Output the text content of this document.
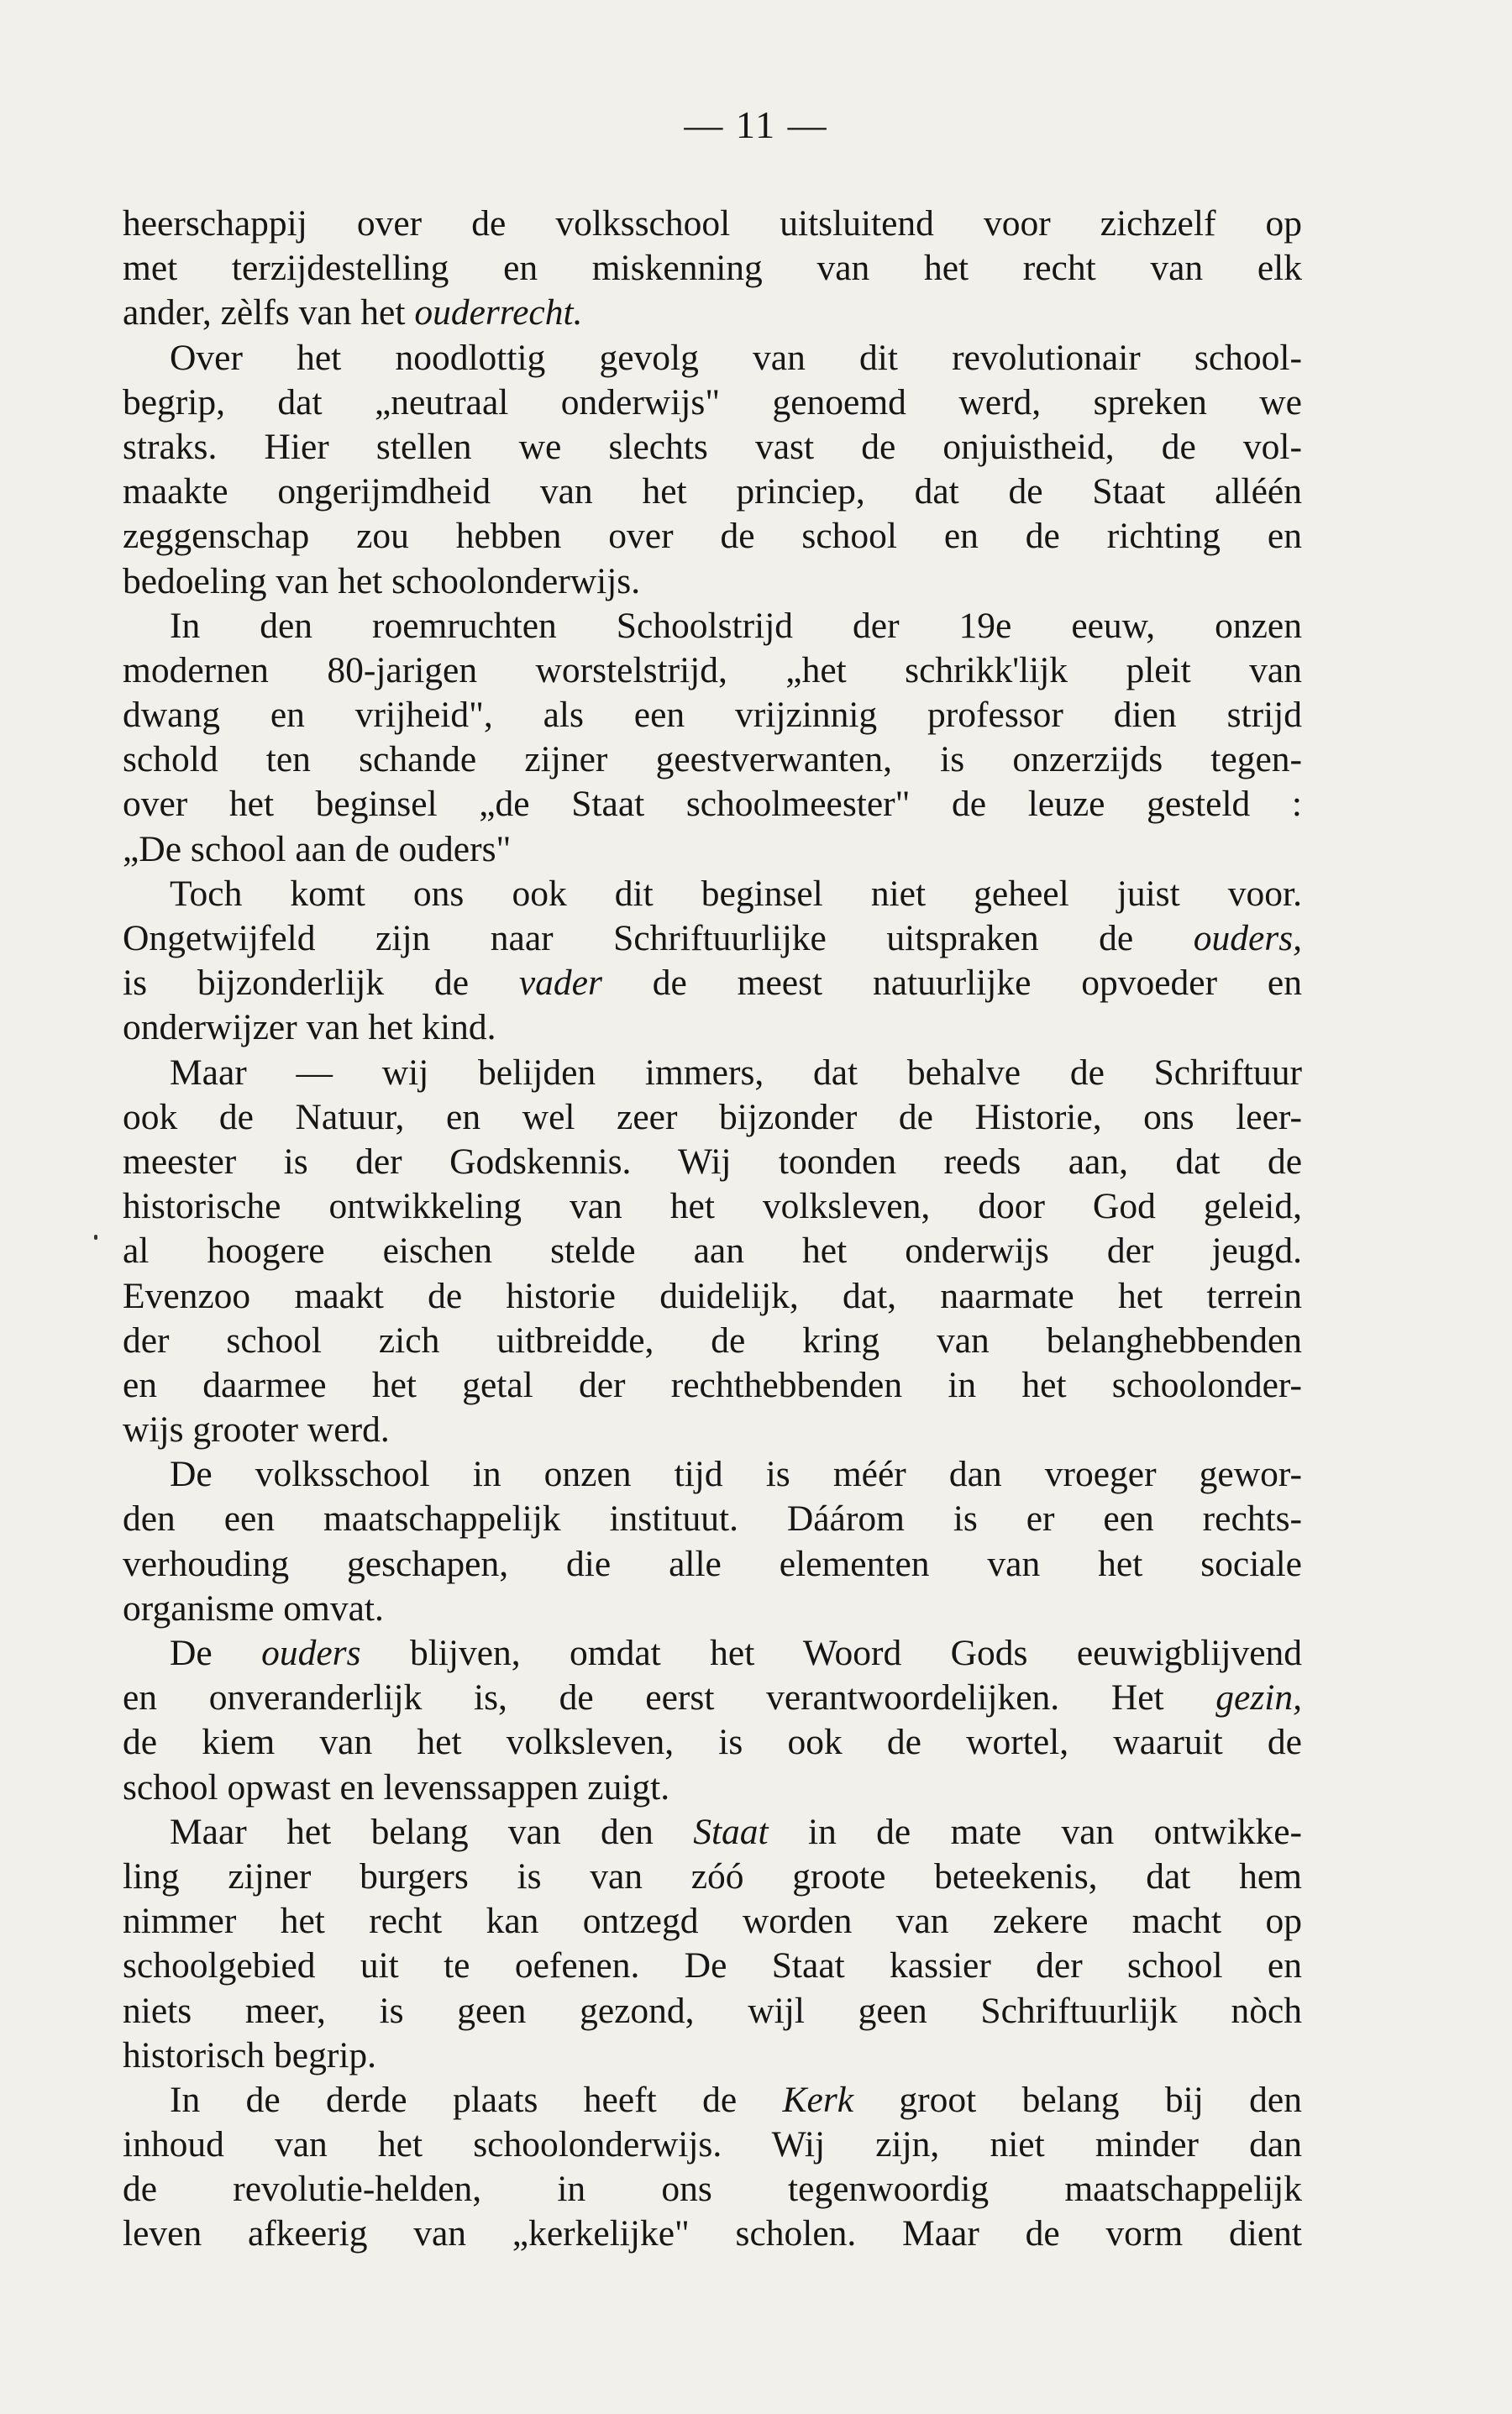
— 11 —
heerschappij over de volksschool uitsluitend voor zichzelf op
met terzijdestelling en miskenning van het recht van elk
ander, zèlfs van het ouderrecht.
Over het noodlottig gevolg van dit revolutionair school-
begrip, dat „neutraal onderwijs" genoemd werd, spreken we
straks. Hier stellen we slechts vast de onjuistheid, de vol-
maakte ongerijmdheid van het princiep, dat de Staat alléén
zeggenschap zou hebben over de school en de richting en
bedoeling van het schoolonderwijs.
In den roemruchten Schoolstrijd der 19e eeuw, onzen
modernen 80-jarigen worstelstrijd, „het schrikk'lijk pleit van
dwang en vrijheid", als een vrijzinnig professor dien strijd
schold ten schande zijner geestverwanten, is onzerzijds tegen-
over het beginsel „de Staat schoolmeester" de leuze gesteld :
„De school aan de ouders"
Toch komt ons ook dit beginsel niet geheel juist voor.
Ongetwijfeld zijn naar Schriftuurlijke uitspraken de ouders,
is bijzonderlijk de vader de meest natuurlijke opvoeder en
onderwijzer van het kind.
Maar — wij belijden immers, dat behalve de Schriftuur
ook de Natuur, en wel zeer bijzonder de Historie, ons leer-
meester is der Godskennis. Wij toonden reeds aan, dat de
historische ontwikkeling van het volksleven, door God geleid,
al hoogere eischen stelde aan het onderwijs der jeugd.
Evenzoo maakt de historie duidelijk, dat, naarmate het terrein
der school zich uitbreidde, de kring van belanghebbenden
en daarmee het getal der rechthebbenden in het schoolonder-
wijs grooter werd.
De volksschool in onzen tijd is méér dan vroeger gewor-
den een maatschappelijk instituut. Dáárom is er een rechts-
verhouding geschapen, die alle elementen van het sociale
organisme omvat.
De ouders blijven, omdat het Woord Gods eeuwigblijvend
en onveranderlijk is, de eerst verantwoordelijken. Het gezin,
de kiem van het volksleven, is ook de wortel, waaruit de
school opwast en levenssappen zuigt.
Maar het belang van den Staat in de mate van ontwikke-
ling zijner burgers is van zóó groote beteekenis, dat hem
nimmer het recht kan ontzegd worden van zekere macht op
schoolgebied uit te oefenen. De Staat kassier der school en
niets meer, is geen gezond, wijl geen Schriftuurlijk nòch
historisch begrip.
In de derde plaats heeft de Kerk groot belang bij den
inhoud van het schoolonderwijs. Wij zijn, niet minder dan
de revolutie-helden, in ons tegenwoordig maatschappelijk
leven afkeerig van „kerkelijke" scholen. Maar de vorm dient
